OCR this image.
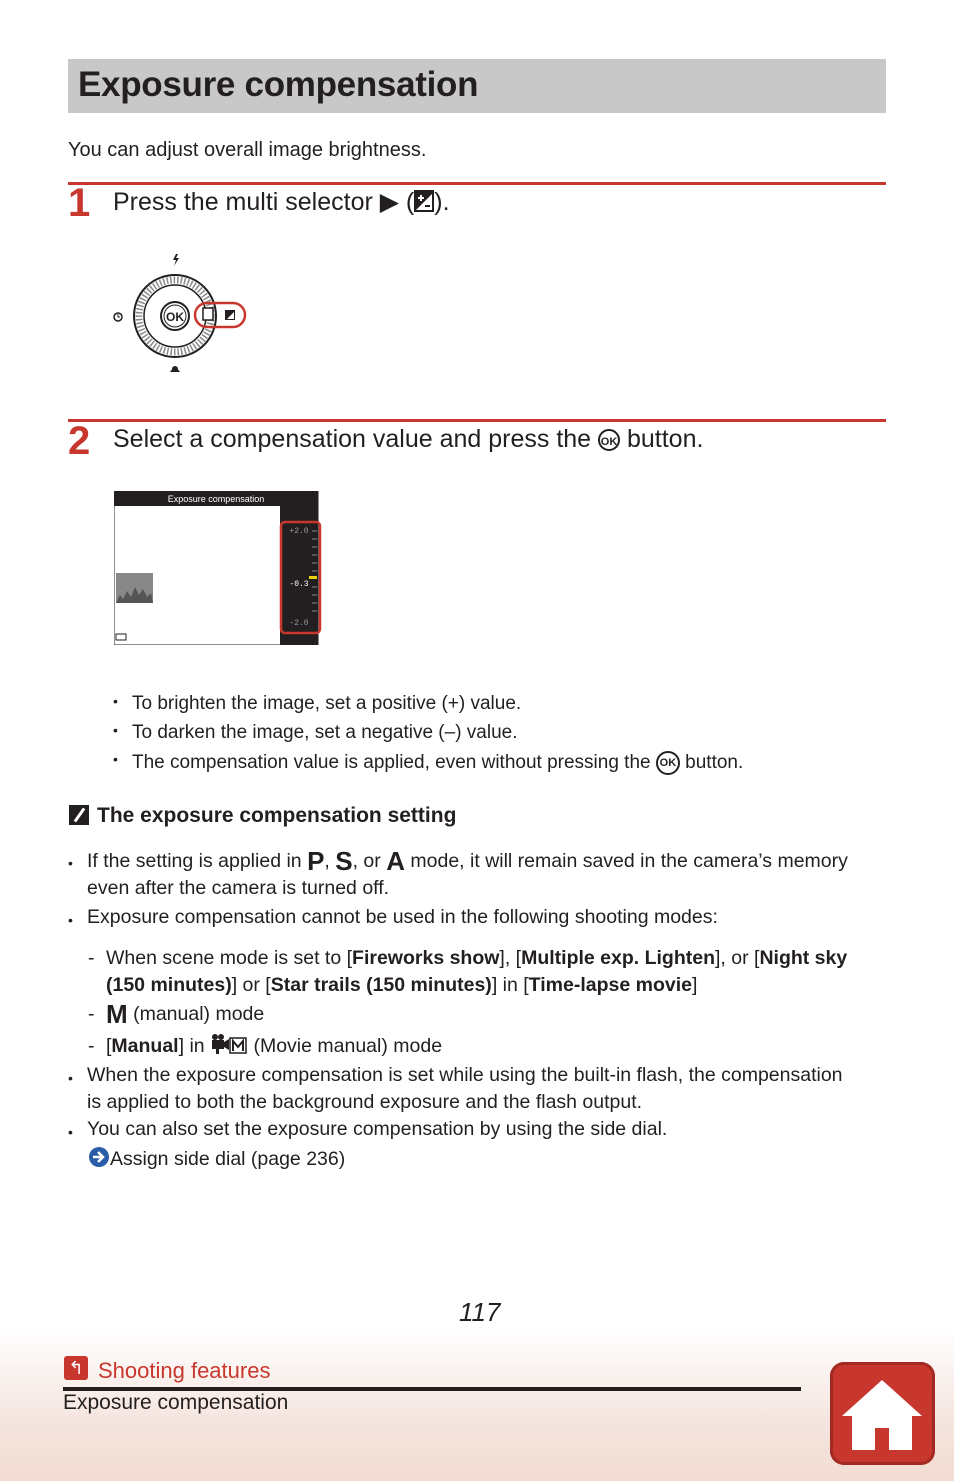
Exposure compensation
You can adjust overall image brightness.
1 Press the multi selector ▶ ( ).
OK
2 Select a compensation value and press the OK button.
Exposure compensation
+2.0
-0.3
-2.0
• To brighten the image, set a positive (+) value.
• To darken the image, set a negative (–) value.
• The compensation value is applied, even without pressing the OK button.
The exposure compensation setting
• If the setting is applied in P, S, or A mode, it will remain saved in the camera’s memory
even after the camera is turned off.
• Exposure compensation cannot be used in the following shooting modes:
- When scene mode is set to [Fireworks show], [Multiple exp. Lighten], or [Night sky
(150 minutes)] or [Star trails (150 minutes)] in [Time-lapse movie]
- M (manual) mode
- [Manual] in	(Movie manual) mode
• When the exposure compensation is set while using the built-in flash, the compensation
is applied to both the background exposure and the flash output.
• You can also set the exposure compensation by using the side dial.
Assign side dial (page 236)
117
↰ Shooting features
Exposure compensation
